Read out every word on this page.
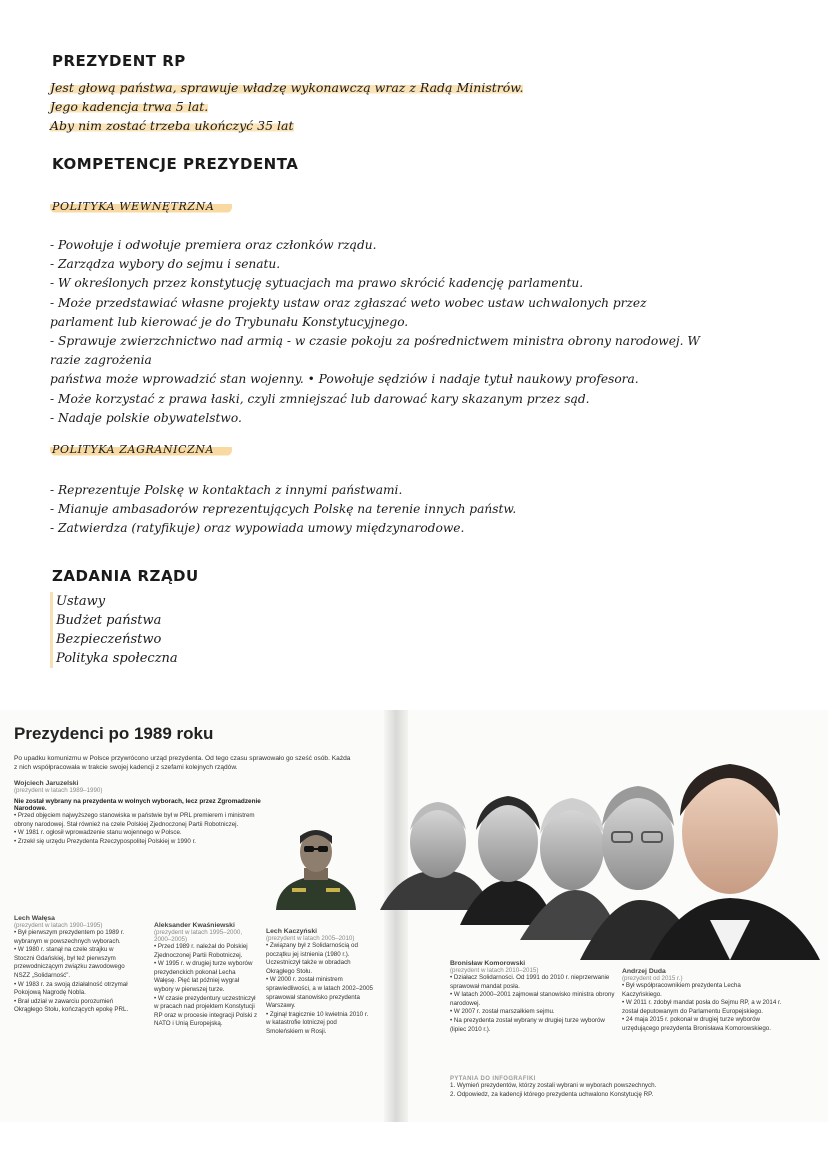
PREZYDENT RP
Jest głową państwa, sprawuje władzę wykonawczą wraz z Radą Ministrów.
Jego kadencja trwa 5 lat.
Aby nim zostać trzeba ukończyć 35 lat
KOMPETENCJE PREZYDENTA
POLITYKA WEWNĘTRZNA
- Powołuje i odwołuje premiera oraz członków rządu.
- Zarządza wybory do sejmu i senatu.
- W określonych przez konstytucję sytuacjach ma prawo skrócić kadencję parlamentu.
- Może przedstawiać własne projekty ustaw oraz zgłaszać weto wobec ustaw uchwalonych przez
parlament lub kierować je do Trybunału Konstytucyjnego.
- Sprawuje zwierzchnictwo nad armią - w czasie pokoju za pośrednictwem ministra obrony narodowej. W
razie zagrożenia
państwa może wprowadzić stan wojenny. • Powołuje sędziów i nadaje tytuł naukowy profesora.
- Może korzystać z prawa łaski, czyli zmniejszać lub darować kary skazanym przez sąd.
- Nadaje polskie obywatelstwo.
POLITYKA ZAGRANICZNA
- Reprezentuje Polskę w kontaktach z innymi państwami.
- Mianuje ambasadorów reprezentujących Polskę na terenie innych państw.
- Zatwierdza (ratyfikuje) oraz wypowiada umowy międzynarodowe.
ZADANIA RZĄDU
Ustawy
Budżet państwa
Bezpieczeństwo
Polityka społeczna
Prezydenci po 1989 roku
Po upadku komunizmu w Polsce przywrócono urząd prezydenta. Od tego czasu sprawowało go sześć osób. Każda z nich współpracowała w trakcie swojej kadencji z szefami kolejnych rządów.
Wojciech Jaruzelski
(prezydent w latach 1989–1990)
Nie został wybrany na prezydenta w wolnych wyborach, lecz przez Zgromadzenie Narodowe.
• Przed objęciem najwyższego stanowiska w państwie był w PRL premierem i ministrem obrony narodowej. Stał również na czele Polskiej Zjednoczonej Partii Robotniczej.
• W 1981 r. ogłosił wprowadzenie stanu wojennego w Polsce.
• Zrzekł się urzędu Prezydenta Rzeczypospolitej Polskiej w 1990 r.
Lech Wałęsa
(prezydent w latach 1990–1995)
• Był pierwszym prezydentem po 1989 r. wybranym w powszechnych wyborach.
• W 1980 r. stanął na czele strajku w Stoczni Gdańskiej, był też pierwszym przewodniczącym związku zawodowego NSZZ „Solidarność”.
• W 1983 r. za swoją działalność otrzymał Pokojową Nagrodę Nobla.
• Brał udział w zawarciu porozumień Okrągłego Stołu, kończących epokę PRL.
Aleksander Kwaśniewski
(prezydent w latach 1995–2000, 2000–2005)
• Przed 1989 r. należał do Polskiej Zjednoczonej Partii Robotniczej.
• W 1995 r. w drugiej turze wyborów prezydenckich pokonał Lecha Wałęsę. Pięć lat później wygrał wybory w pierwszej turze.
• W czasie prezydentury uczestniczył w pracach nad projektem Konstytucji RP oraz w procesie integracji Polski z NATO i Unią Europejską.
Lech Kaczyński
(prezydent w latach 2005–2010)
• Związany był z Solidarnością od początku jej istnienia (1980 r.). Uczestniczył także w obradach Okrągłego Stołu.
• W 2000 r. został ministrem sprawiedliwości, a w latach 2002–2005 sprawował stanowisko prezydenta Warszawy.
• Zginął tragicznie 10 kwietnia 2010 r. w katastrofie lotniczej pod Smoleńskiem w Rosji.
Bronisław Komorowski
(prezydent w latach 2010–2015)
• Działacz Solidarności. Od 1991 do 2010 r. nieprzerwanie sprawował mandat posła.
• W latach 2000–2001 zajmował stanowisko ministra obrony narodowej.
• W 2007 r. został marszałkiem sejmu.
• Na prezydenta został wybrany w drugiej turze wyborów (lipiec 2010 r.).
Andrzej Duda
(prezydent od 2015 r.)
• Był współpracownikiem prezydenta Lecha Kaczyńskiego.
• W 2011 r. zdobył mandat posła do Sejmu RP, a w 2014 r. został deputowanym do Parlamentu Europejskiego.
• 24 maja 2015 r. pokonał w drugiej turze wyborów urzędującego prezydenta Bronisława Komorowskiego.
PYTANIA DO INFOGRAFIKI
1. Wymień prezydentów, którzy zostali wybrani w wyborach powszechnych.
2. Odpowiedz, za kadencji którego prezydenta uchwalono Konstytucję RP.
